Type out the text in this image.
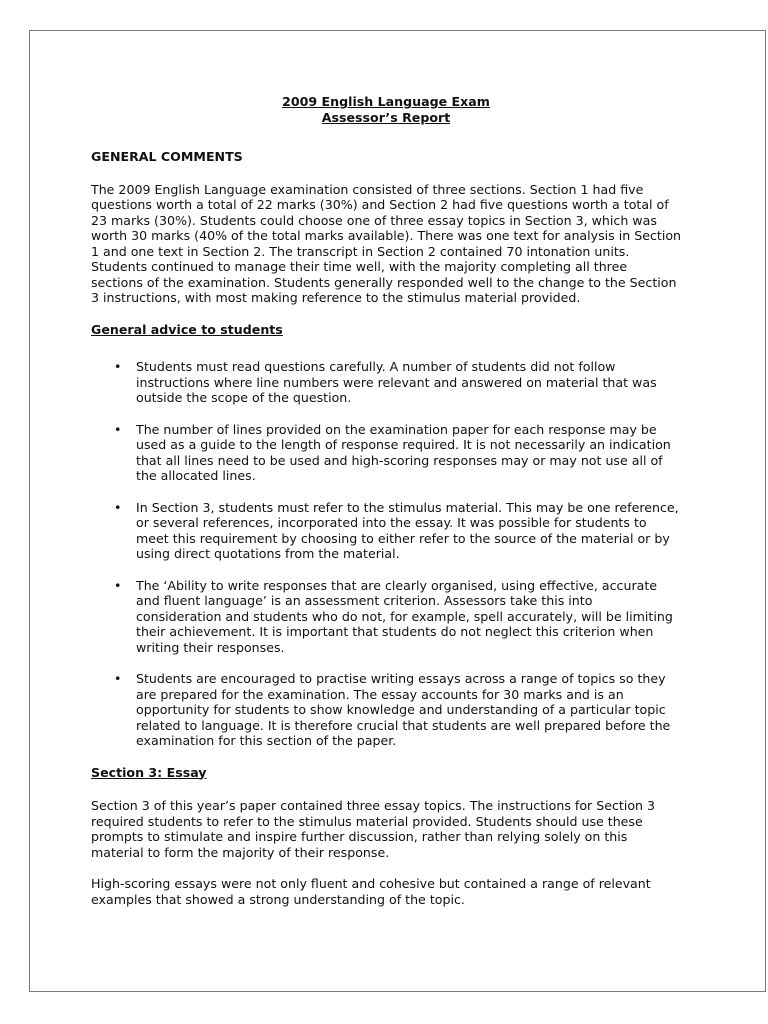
2009 English Language Exam
Assessor’s Report
GENERAL COMMENTS

The 2009 English Language examination consisted of three sections. Section 1 had five questions worth a total of 22 marks (30%) and Section 2 had five questions worth a total of 23 marks (30%). Students could choose one of three essay topics in Section 3, which was worth 30 marks (40% of the total marks available). There was one text for analysis in Section 1 and one text in Section 2. The transcript in Section 2 contained 70 intonation units. Students continued to manage their time well, with the majority completing all three sections of the examination. Students generally responded well to the change to the Section 3 instructions, with most making reference to the stimulus material provided.

General advice to students
• Students must read questions carefully. A number of students did not follow instructions where line numbers were relevant and answered on material that was outside the scope of the question.
• The number of lines provided on the examination paper for each response may be used as a guide to the length of response required. It is not necessarily an indication that all lines need to be used and high-scoring responses may or may not use all of the allocated lines.
• In Section 3, students must refer to the stimulus material. This may be one reference, or several references, incorporated into the essay. It was possible for students to meet this requirement by choosing to either refer to the source of the material or by using direct quotations from the material.
• The ‘Ability to write responses that are clearly organised, using effective, accurate and fluent language’ is an assessment criterion. Assessors take this into consideration and students who do not, for example, spell accurately, will be limiting their achievement. It is important that students do not neglect this criterion when writing their responses.
• Students are encouraged to practise writing essays across a range of topics so they are prepared for the examination. The essay accounts for 30 marks and is an opportunity for students to show knowledge and understanding of a particular topic related to language. It is therefore crucial that students are well prepared before the examination for this section of the paper.
Section 3: Essay

Section 3 of this year’s paper contained three essay topics. The instructions for Section 3 required students to refer to the stimulus material provided. Students should use these prompts to stimulate and inspire further discussion, rather than relying solely on this material to form the majority of their response.

High-scoring essays were not only fluent and cohesive but contained a range of relevant examples that showed a strong understanding of the topic.
